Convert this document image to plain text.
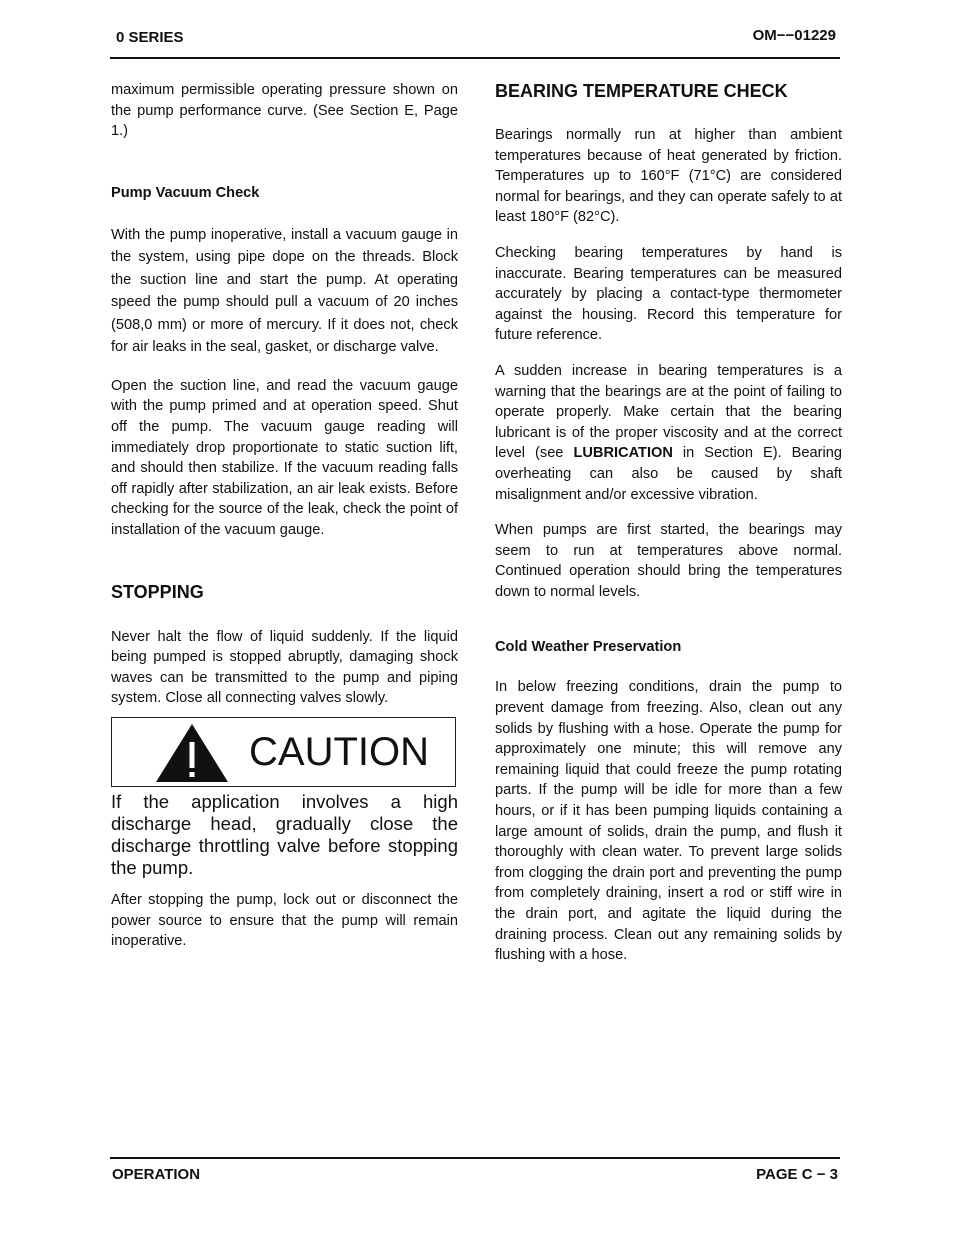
0 SERIES	OM−−01229

maximum permissible operating pressure shown on the pump performance curve. (See Section E, Page 1.)

Pump Vacuum Check

With the pump inoperative, install a vacuum gauge in the system, using pipe dope on the threads. Block the suction line and start the pump. At operating speed the pump should pull a vacuum of 20 inches (508,0 mm) or more of mercury. If it does not, check for air leaks in the seal, gasket, or discharge valve.

Open the suction line, and read the vacuum gauge with the pump primed and at operation speed. Shut off the pump. The vacuum gauge reading will immediately drop proportionate to static suction lift, and should then stabilize. If the vacuum reading falls off rapidly after stabilization, an air leak exists. Before checking for the source of the leak, check the point of installation of the vacuum gauge.

STOPPING

Never halt the flow of liquid suddenly. If the liquid being pumped is stopped abruptly, damaging shock waves can be transmitted to the pump and piping system. Close all connecting valves slowly.

CAUTION

If the application involves a high discharge head, gradually close the discharge throttling valve before stopping the pump.

After stopping the pump, lock out or disconnect the power source to ensure that the pump will remain inoperative.

BEARING TEMPERATURE CHECK

Bearings normally run at higher than ambient temperatures because of heat generated by friction. Temperatures up to 160°F (71°C) are considered normal for bearings, and they can operate safely to at least 180°F (82°C).

Checking bearing temperatures by hand is inaccurate. Bearing temperatures can be measured accurately by placing a contact-type thermometer against the housing. Record this temperature for future reference.

A sudden increase in bearing temperatures is a warning that the bearings are at the point of failing to operate properly. Make certain that the bearing lubricant is of the proper viscosity and at the correct level (see LUBRICATION in Section E). Bearing overheating can also be caused by shaft misalignment and/or excessive vibration.

When pumps are first started, the bearings may seem to run at temperatures above normal. Continued operation should bring the temperatures down to normal levels.

Cold Weather Preservation

In below freezing conditions, drain the pump to prevent damage from freezing. Also, clean out any solids by flushing with a hose. Operate the pump for approximately one minute; this will remove any remaining liquid that could freeze the pump rotating parts. If the pump will be idle for more than a few hours, or if it has been pumping liquids containing a large amount of solids, drain the pump, and flush it thoroughly with clean water. To prevent large solids from clogging the drain port and preventing the pump from completely draining, insert a rod or stiff wire in the drain port, and agitate the liquid during the draining process. Clean out any remaining solids by flushing with a hose.

OPERATION	PAGE C − 3
